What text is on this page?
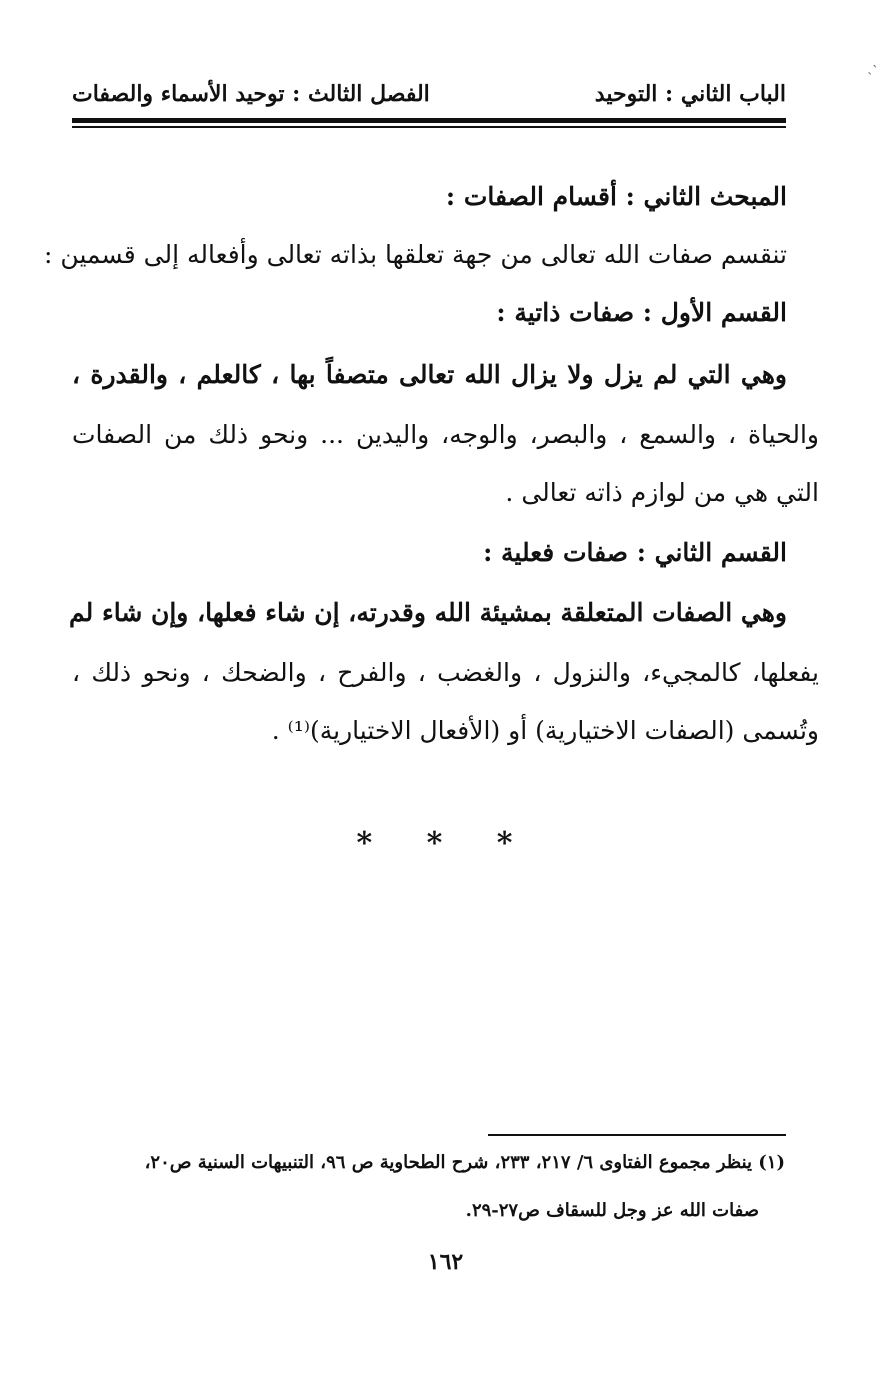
ˋ˴
الباب الثاني : التوحيد
الفصل الثالث : توحيد الأسماء والصفات
المبحث الثاني : أقسام الصفات :
تنقسم صفات الله تعالى من جهة تعلقها بذاته تعالى وأفعاله إلى قسمين :
القسم الأول : صفات ذاتية :
وهي التي لم يزل ولا يزال الله تعالى متصفاً بها ، كالعلم ، والقدرة ،
والحياة ، والسمع ، والبصر، والوجه، واليدين ... ونحو ذلك من الصفات
التي هي من لوازم ذاته تعالى .
القسم الثاني : صفات فعلية :
وهي الصفات المتعلقة بمشيئة الله وقدرته، إن شاء فعلها، وإن شاء لم
يفعلها، كالمجيء، والنزول ، والغضب ، والفرح ، والضحك ، ونحو ذلك ،
وتُسمى (الصفات الاختيارية) أو (الأفعال الاختيارية)⁽¹⁾ .
* * *
(١) ينظر مجموع الفتاوى ٦/ ٢١٧، ٢٣٣، شرح الطحاوية ص ٩٦، التنبيهات السنية ص٢٠،
صفات الله عز وجل للسقاف ص٢٧-٢٩.
١٦٢
